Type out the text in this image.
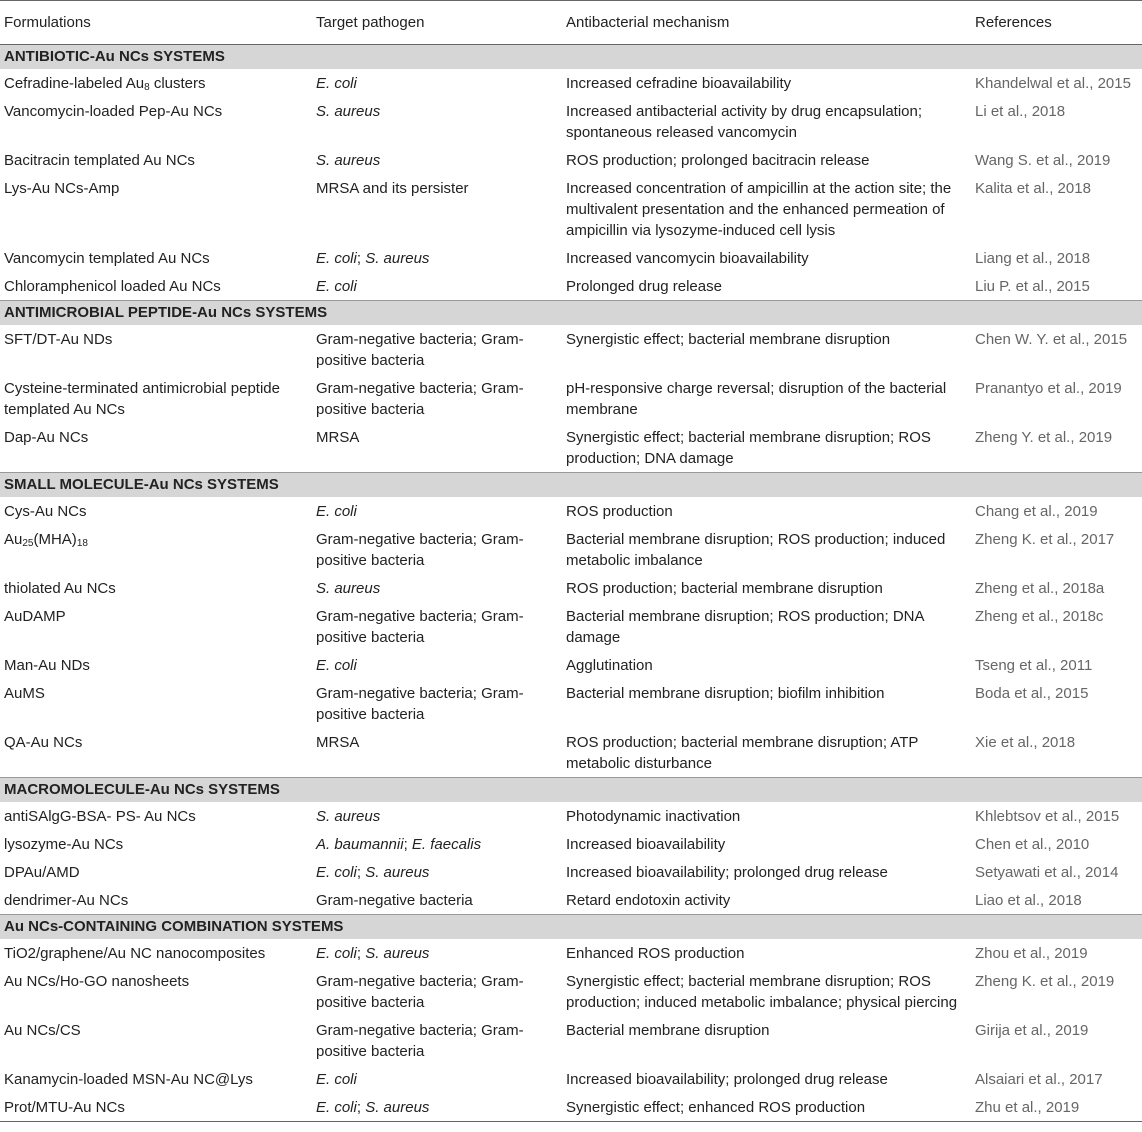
Formulations	Target pathogen	Antibacterial mechanism	References
ANTIBIOTIC-Au NCs SYSTEMS			
Cefradine-labeled $Au_8$ clusters	E. coli	Increased cefradine bioavailability	Khandelwal et al., 2015
Vancomycin-loaded Pep-Au NCs	S. aureus	Increased antibacterial activity by drug encapsulation; spontaneous released vancomycin	Li et al., 2018
Bacitracin templated Au NCs	S. aureus	ROS production; prolonged bacitracin release	Wang S. et al., 2019
Lys-Au NCs-Amp	MRSA and its persister	Increased concentration of ampicillin at the action site; the multivalent presentation and the enhanced permeation of ampicillin via lysozyme-induced cell lysis	Kalita et al., 2018
Vancomycin templated Au NCs	E. coli; S. aureus	Increased vancomycin bioavailability	Liang et al., 2018
Chloramphenicol loaded Au NCs	E. coli	Prolonged drug release	Liu P. et al., 2015
ANTIMICROBIAL PEPTIDE-Au NCs SYSTEMS			
SFT/DT-Au NDs	Gram-negative bacteria; Gram-positive bacteria	Synergistic effect; bacterial membrane disruption	Chen W. Y. et al., 2015
Cysteine-terminated antimicrobial peptide templated Au NCs	Gram-negative bacteria; Gram-positive bacteria	pH-responsive charge reversal; disruption of the bacterial membrane	Pranantyo et al., 2019
Dap-Au NCs	MRSA	Synergistic effect; bacterial membrane disruption; ROS production; DNA damage	Zheng Y. et al., 2019
SMALL MOLECULE-Au NCs SYSTEMS			
Cys-Au NCs	E. coli	ROS production	Chang et al., 2019
$Au_{25}(MHA)_{18}$	Gram-negative bacteria; Gram-positive bacteria	Bacterial membrane disruption; ROS production; induced metabolic imbalance	Zheng K. et al., 2017
thiolated Au NCs	S. aureus	ROS production; bacterial membrane disruption	Zheng et al., 2018a
AuDAMP	Gram-negative bacteria; Gram-positive bacteria	Bacterial membrane disruption; ROS production; DNA damage	Zheng et al., 2018c
Man-Au NDs	E. coli	Agglutination	Tseng et al., 2011
AuMS	Gram-negative bacteria; Gram-positive bacteria	Bacterial membrane disruption; biofilm inhibition	Boda et al., 2015
QA-Au NCs	MRSA	ROS production; bacterial membrane disruption; ATP metabolic disturbance	Xie et al., 2018
MACROMOLECULE-Au NCs SYSTEMS			
antiSAlgG-BSA- PS- Au NCs	S. aureus	Photodynamic inactivation	Khlebtsov et al., 2015
lysozyme-Au NCs	A. baumannii; E. faecalis	Increased bioavailability	Chen et al., 2010
DPAu/AMD	E. coli; S. aureus	Increased bioavailability; prolonged drug release	Setyawati et al., 2014
dendrimer-Au NCs	Gram-negative bacteria	Retard endotoxin activity	Liao et al., 2018
Au NCs-CONTAINING COMBINATION SYSTEMS			
TiO2/graphene/Au NC nanocomposites	E. coli; S. aureus	Enhanced ROS production	Zhou et al., 2019
Au NCs/Ho-GO nanosheets	Gram-negative bacteria; Gram-positive bacteria	Synergistic effect; bacterial membrane disruption; ROS production; induced metabolic imbalance; physical piercing	Zheng K. et al., 2019
Au NCs/CS	Gram-negative bacteria; Gram-positive bacteria	Bacterial membrane disruption	Girija et al., 2019
Kanamycin-loaded MSN-Au NC@Lys	E. coli	Increased bioavailability; prolonged drug release	Alsaiari et al., 2017
Prot/MTU-Au NCs	E. coli; S. aureus	Synergistic effect; enhanced ROS production	Zhu et al., 2019
